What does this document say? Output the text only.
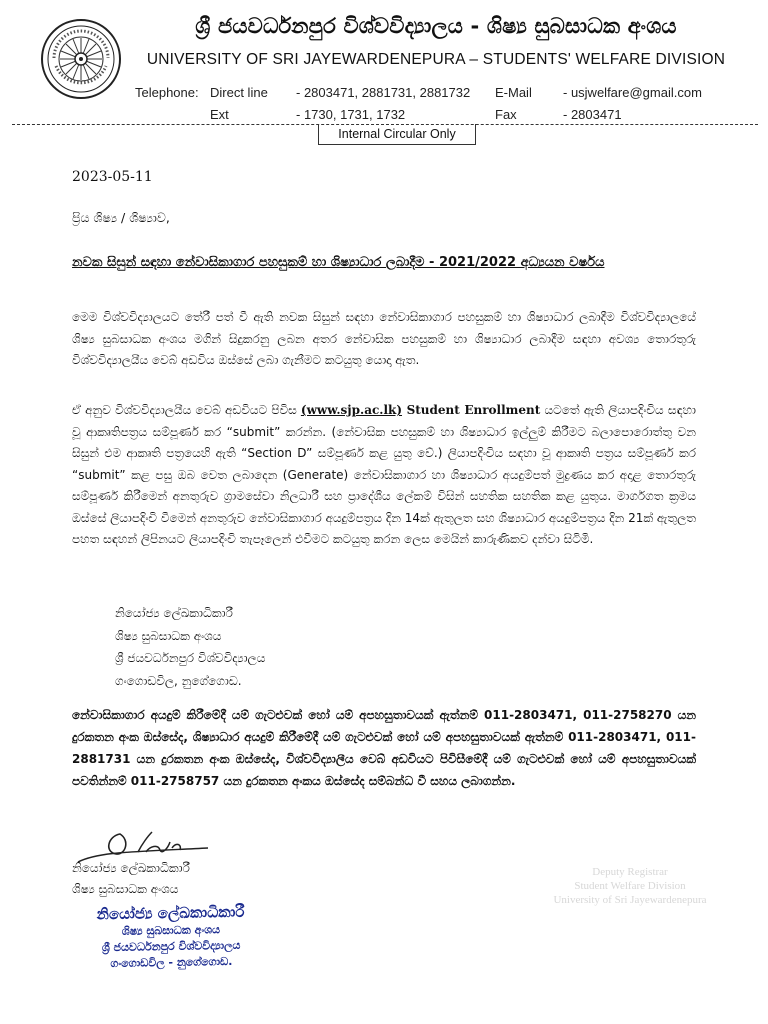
ශ්‍රී ජයවර්ධනපුර විශ්වවිද්‍යාලය - ශිෂ්‍ය සුබසාධක අංශය
UNIVERSITY OF SRI JAYEWARDENEPURA – STUDENTS' WELFARE DIVISION
Telephone: Direct line - 2803471, 2881731, 2881732 E-Mail - usjwelfare@gmail.com
Ext	- 1730, 1731, 1732	Fax	- 2803471
Internal Circular Only
2023-05-11
ප්‍රිය ශිෂ්‍ය / ශිෂ්‍යාව,
නවක සිසුන් සඳහා නේවාසිකාගාර පහසුකම් හා ශිෂ්‍යාධාර ලබාදීම - 2021/2022 අධ්‍යයන වර්ෂය
මෙම විශ්වවිද්‍යාලයට තේරී පත් වී ඇති නවක සිසුන් සඳහා නේවාසිකාගාර පහසුකම් හා ශිෂ්‍යාධාර ලබාදීම විශ්වවිද්‍යාලයේ ශිෂ්‍ය සුබසාධක අංශය මගින් සිදුකරනු ලබන අතර නේවාසික පහසුකම් හා ශිෂ්‍යාධාර ලබාදීම සඳහා අවශ්‍ය තොරතුරු විශ්වවිද්‍යාලයීය වෙබ් අඩවිය ඔස්සේ ලබා ගැනීමට කටයුතු යොදා ඇත.
ඒ අනුව විශ්වවිද්‍යාලයීය වෙබ් අඩවියට පිවිස (www.sjp.ac.lk) Student Enrollment යටතේ ඇති ලියාපදිංචිය සඳහා වූ ආකෘතිපත්‍රය සම්පූර්ණ කර “submit” කරන්න. (නේවාසික පහසුකම් හා ශිෂ්‍යාධාර ඉල්ලුම් කිරීමට බලාපොරොත්තු වන සිසුන් එම ආකෘති පත්‍රයෙහි ඇති “Section D” සම්පූර්ණ කළ යුතු වේ.) ලියාපදිංචිය සඳහා වූ ආකෘති පත්‍රය සම්පූර්ණ කර “submit” කළ පසු ඔබ වෙත ලබාදෙන (Generate) නේවාසිකාගාර හා ශිෂ්‍යාධාර අයදුම්පත් මුද්‍රණය කර අදාළ තොරතුරු සම්පූර්ණ කිරීමෙන් අනතුරුව ග්‍රාමසේවා නිලධාරී සහ ප්‍රාදේශීය ලේකම් විසින් සහතික සහතික කළ යුතුය. මාර්ගගත ක්‍රමය ඔස්සේ ලියාපදිංචි වීමෙන් අනතුරුව නේවාසිකාගාර අයදුම්පත්‍රය දින 14ක් ඇතුලත සහ ශිෂ්‍යාධාර අයදුම්පත්‍රය දින 21ක් ඇතුලත පහත සඳහන් ලිපිනයට ලියාපදිංචි තැපෑලෙන් එවීමට කටයුතු කරන ලෙස මෙයින් කාරුණිකව දන්වා සිටිමි.
නියෝජ්‍ය ලේඛකාධිකාරී
ශිෂ්‍ය සුබසාධක අංශය
ශ්‍රී ජයවර්ධනපුර විශ්වවිද්‍යාලය
ගංගොඩවිල, නුගේගොඩ.
නේවාසිකාගාර අයදුම් කිරීමේදී යම් ගැටළුවක් හෝ යම් අපහසුතාවයක් ඇත්නම් 011-2803471, 011-2758270 යන දුරකතන අංක ඔස්සේද, ශිෂ්‍යාධාර අයදුම් කිරීමේදී යම් ගැටළුවක් හෝ යම් අපහසුතාවයක් ඇත්නම් 011-2803471, 011-2881731 යන දුරකතන අංක ඔස්සේද, විශ්වවිද්‍යාලීය වෙබ් අඩවියට පිවිසීමේදී යම් ගැටළුවක් හෝ යම් අපහසුතාවයක් පවතින්නම් 011-2758757 යන දුරකතන අංකය ඔස්සේද සම්බන්ධ වී සහය ලබාගන්න.
නියෝජ්‍ය ලේඛකාධිකාරී
ශිෂ්‍ය සුබසාධක අංශය
නියෝජ්‍ය ලේඛකාධිකාරී
ශිෂ්‍ය සුබසාධක අංශය
ශ්‍රී ජයවර්ධනපුර විශ්වවිද්‍යාලය
ගංගොඩවිල - නුගේගොඩ.
Deputy Registrar
Student Welfare Division
University of Sri Jayewardenepura
